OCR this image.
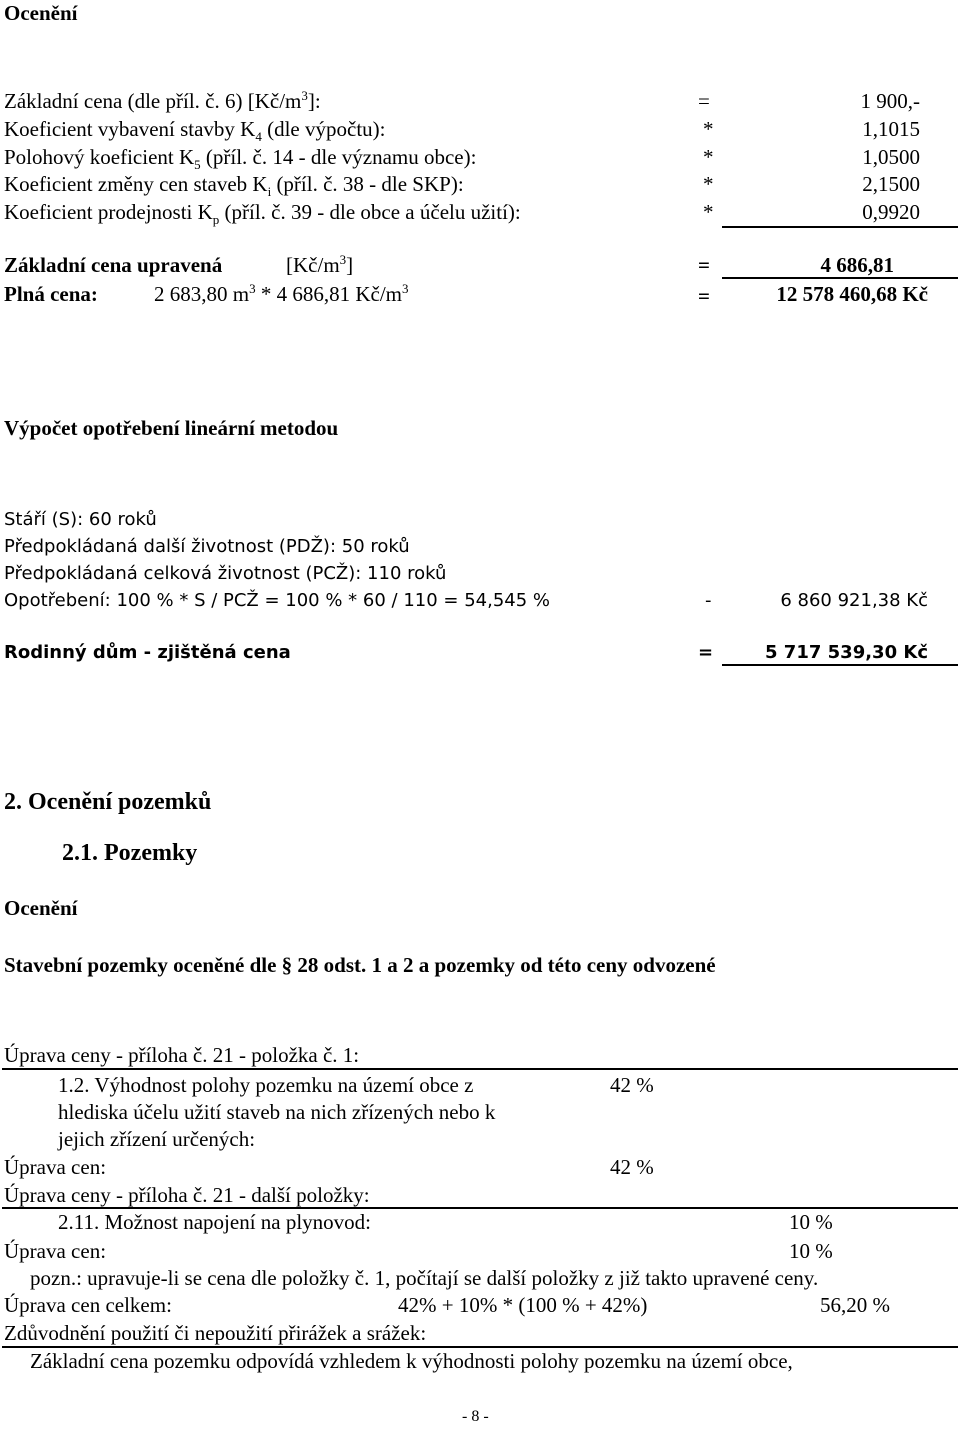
Ocenění
Základní cena (dle příl. č. 6) $[Kč/m^3]$:	=	1 900,-
Koeficient vybavení stavby $K_4$ (dle výpočtu):	*	1,1015
Polohový koeficient $K_5$ (příl. č. 14 - dle významu obce):	*	1,0500
Koeficient změny cen staveb $K_i$ (příl. č. 38 - dle SKP):	*	2,1500
Koeficient prodejnosti $K_p$ (příl. č. 39 - dle obce a účelu užití):	*	0,9920
Základní cena upravená	$[Kč/m^3]$	=	4 686,81
Plná cena:	2 683,80 $m^3 * 4$ 686,81 $Kč/m^3$	=	12 578 460,68 Kč
Výpočet opotřebení lineární metodou
Stáří (S): 60 roků
Předpokládaná další životnost (PDŽ): 50 roků
Předpokládaná celková životnost (PCŽ): 110 roků
Opotřebení: 100 % * S / PCŽ = 100 % * 60 / 110 = 54,545 %	-	6 860 921,38 Kč
Rodinný dům - zjištěná cena	=	5 717 539,30 Kč
2. Ocenění pozemků
2.1. Pozemky
Ocenění
Stavební pozemky oceněné dle § 28 odst. 1 a 2 a pozemky od této ceny odvozené
Úprava ceny - příloha č. 21 - položka č. 1:
1.2. Výhodnost polohy pozemku na území obce z	42 %
hlediska účelu užití staveb na nich zřízených nebo k
jejich zřízení určených:
Úprava cen:	42 %
Úprava ceny - příloha č. 21 - další položky:
2.11. Možnost napojení na plynovod:	10 %
Úprava cen:	10 %
pozn.: upravuje-li se cena dle položky č. 1, počítají se další položky z již takto upravené ceny.
Úprava cen celkem:	42% + 10% * (100 % + 42%)	56,20 %
Zdůvodnění použití či nepoužití přirážek a srážek:
Základní cena pozemku odpovídá vzhledem k výhodnosti polohy pozemku na území obce,
- 8 -
